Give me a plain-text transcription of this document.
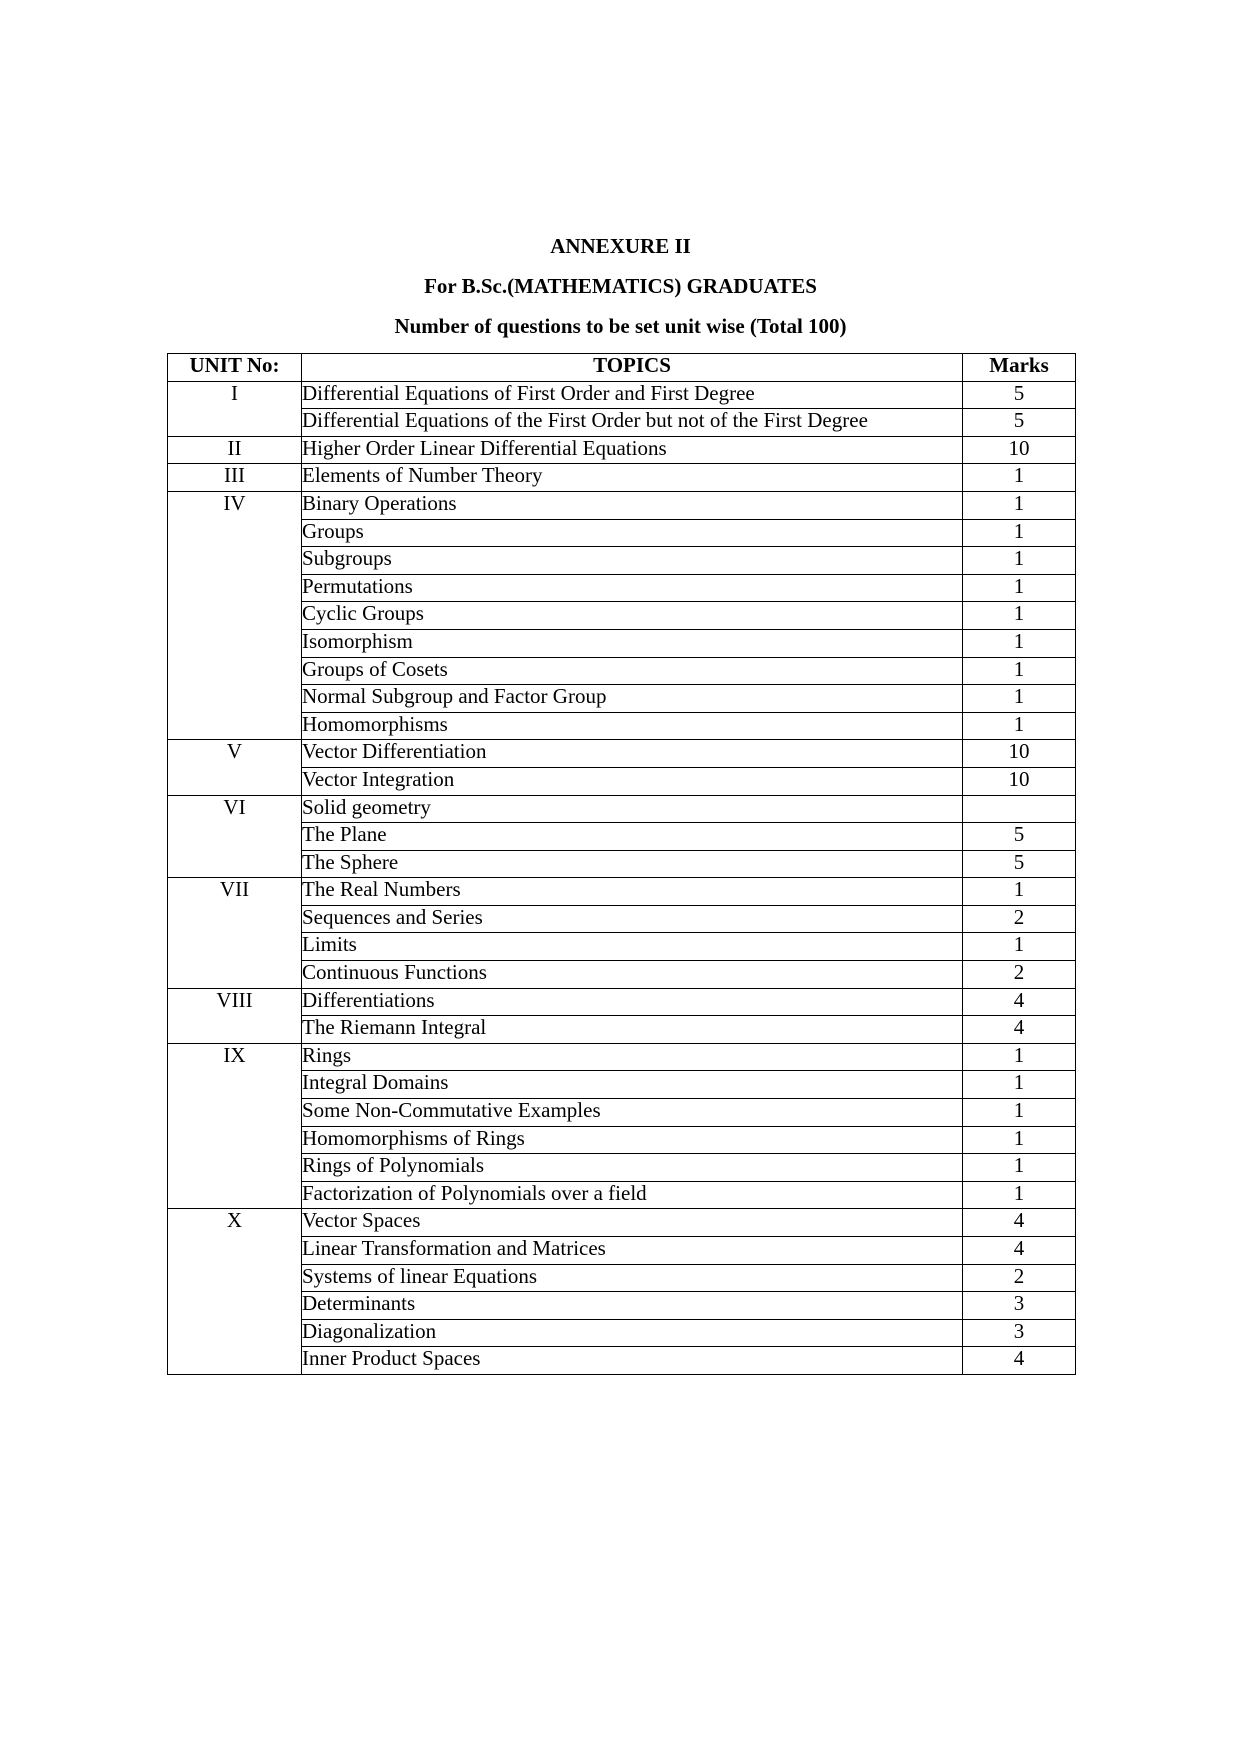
ANNEXURE II
For B.Sc.(MATHEMATICS) GRADUATES
Number of questions to be set unit wise (Total 100)
UNIT No:	TOPICS	Marks
I	Differential Equations of First Order and First Degree	5
	Differential Equations of the First Order but not of the First Degree	5
II	Higher Order Linear Differential Equations	10
III	Elements of Number Theory	1
IV	Binary Operations	1
	Groups	1
	Subgroups	1
	Permutations	1
	Cyclic Groups	1
	Isomorphism	1
	Groups of Cosets	1
	Normal Subgroup and Factor Group	1
	Homomorphisms	1
V	Vector Differentiation	10
	Vector Integration	10
VI	Solid geometry	
	The Plane	5
	The Sphere	5
VII	The Real Numbers	1
	Sequences and Series	2
	Limits	1
	Continuous Functions	2
VIII	Differentiations	4
	The Riemann Integral	4
IX	Rings	1
	Integral Domains	1
	Some Non-Commutative Examples	1
	Homomorphisms of Rings	1
	Rings of Polynomials	1
	Factorization of Polynomials over a field	1
X	Vector Spaces	4
	Linear Transformation and Matrices	4
	Systems of linear Equations	2
	Determinants	3
	Diagonalization	3
	Inner Product Spaces	4
